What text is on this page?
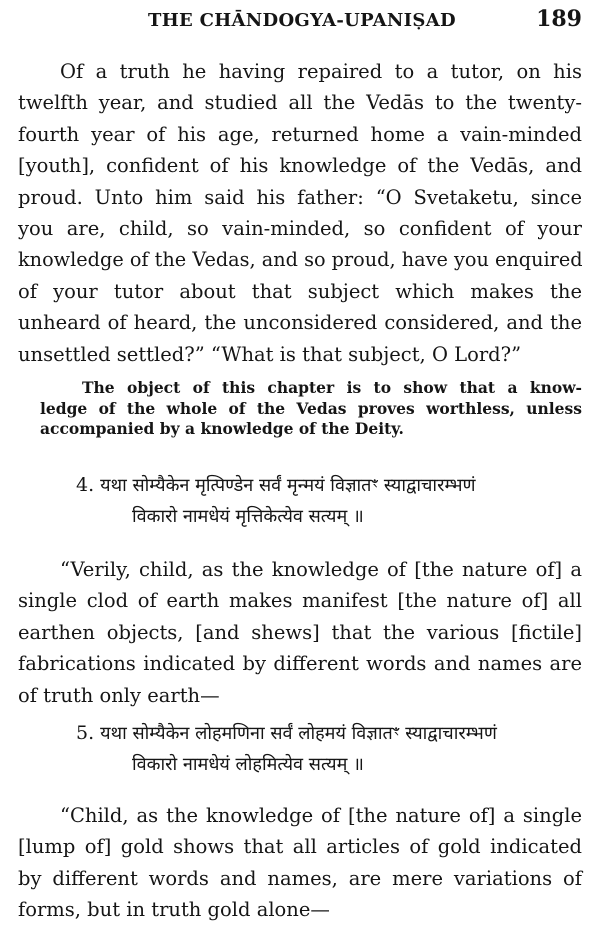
THE CHĀNDOGYA-UPANIṢAD	189
Of a truth he having repaired to a tutor, on his
twelfth year, and studied all the Vedās to the twenty-
fourth year of his age, returned home a vain-minded
[youth], confident of his knowledge of the Vedās, and
proud. Unto him said his father: “O Svetaketu, since
you are, child, so vain-minded, so confident of your
knowledge of the Vedas, and so proud, have you enquired
of your tutor about that subject which makes the
unheard of heard, the unconsidered considered, and the
unsettled settled?” “What is that subject, O Lord?”
The object of this chapter is to show that a know-
ledge of the whole of the Vedas proves worthless, unless
accompanied by a knowledge of the Deity.
4. यथा सोम्यैकेन मृत्पिण्डेन सर्वं मृन्मयं विज्ञातꣳ स्याद्वाचारम्भणं
विकारो नामधेयं मृत्तिकेत्येव सत्यम् ॥
“Verily, child, as the knowledge of [the nature of] a
single clod of earth makes manifest [the nature of] all
earthen objects, [and shews] that the various [fictile]
fabrications indicated by different words and names are
of truth only earth—
5. यथा सोम्यैकेन लोहमणिना सर्वं लोहमयं विज्ञातꣳ स्याद्वाचारम्भणं
विकारो नामधेयं लोहमित्येव सत्यम् ॥
“Child, as the knowledge of [the nature of] a single
[lump of] gold shows that all articles of gold indicated
by different words and names, are mere variations of
forms, but in truth gold alone—
